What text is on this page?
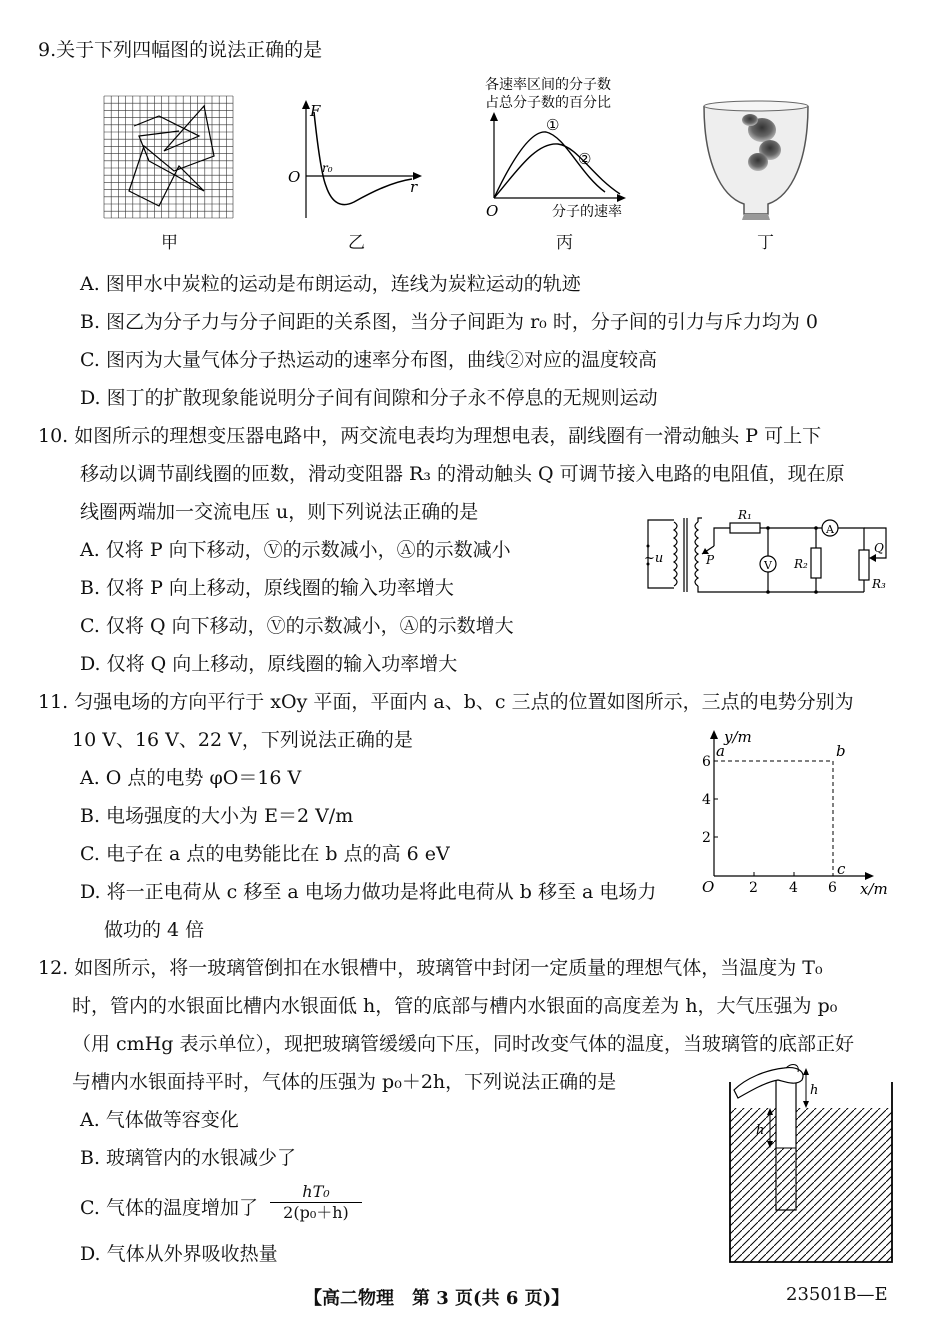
9.关于下列四幅图的说法正确的是
甲
F
O r₀
r
乙
各速率区间的分子数
占总分子数的百分比
①
②
O	分子的速率
丙	丁
A. 图甲水中炭粒的运动是布朗运动，连线为炭粒运动的轨迹
B. 图乙为分子力与分子间距的关系图，当分子间距为 r₀ 时，分子间的引力与斥力均为 0
C. 图丙为大量气体分子热运动的速率分布图，曲线②对应的温度较高
D. 图丁的扩散现象能说明分子间有间隙和分子永不停息的无规则运动
10. 如图所示的理想变压器电路中，两交流电表均为理想电表，副线圈有一滑动触头 P 可上下
移动以调节副线圈的匝数，滑动变阻器 R₃ 的滑动触头 Q 可调节接入电路的电阻值，现在原
线圈两端加一交流电压 u，则下列说法正确的是
A. 仅将 P 向下移动，Ⓥ的示数减小，Ⓐ的示数减小
B. 仅将 P 向上移动，原线圈的输入功率增大
C. 仅将 Q 向下移动，Ⓥ的示数减小，Ⓐ的示数增大
D. 仅将 Q 向上移动，原线圈的输入功率增大
~u	P
R₁
V
A
R₂
R₃
Q
11. 匀强电场的方向平行于 xOy 平面，平面内 a、b、c 三点的位置如图所示，三点的电势分别为
10 V、16 V、22 V，下列说法正确的是
A. O 点的电势 φO＝16 V
B. 电场强度的大小为 E＝2 V/m
C. 电子在 a 点的电势能比在 b 点的高 6 eV
D. 将一正电荷从 c 移至 a 电场力做功是将此电荷从 b 移至 a 电场力
做功的 4 倍
y/m
x/m
O
6
4
2
2 4 6
a	b
c
12. 如图所示，将一玻璃管倒扣在水银槽中，玻璃管中封闭一定质量的理想气体，当温度为 T₀
时，管内的水银面比槽内水银面低 h，管的底部与槽内水银面的高度差为 h，大气压强为 p₀
（用 cmHg 表示单位），现把玻璃管缓缓向下压，同时改变气体的温度，当玻璃管的底部正好
与槽内水银面持平时，气体的压强为 p₀＋2h，下列说法正确的是
A. 气体做等容变化
B. 玻璃管内的水银减少了
C. 气体的温度增加了 $\frac{\text{hT₀}}{\text{2(p₀＋h)}}$
D. 气体从外界吸收热量
h
h
【高二物理　第 3 页(共 6 页)】	23501B—E
